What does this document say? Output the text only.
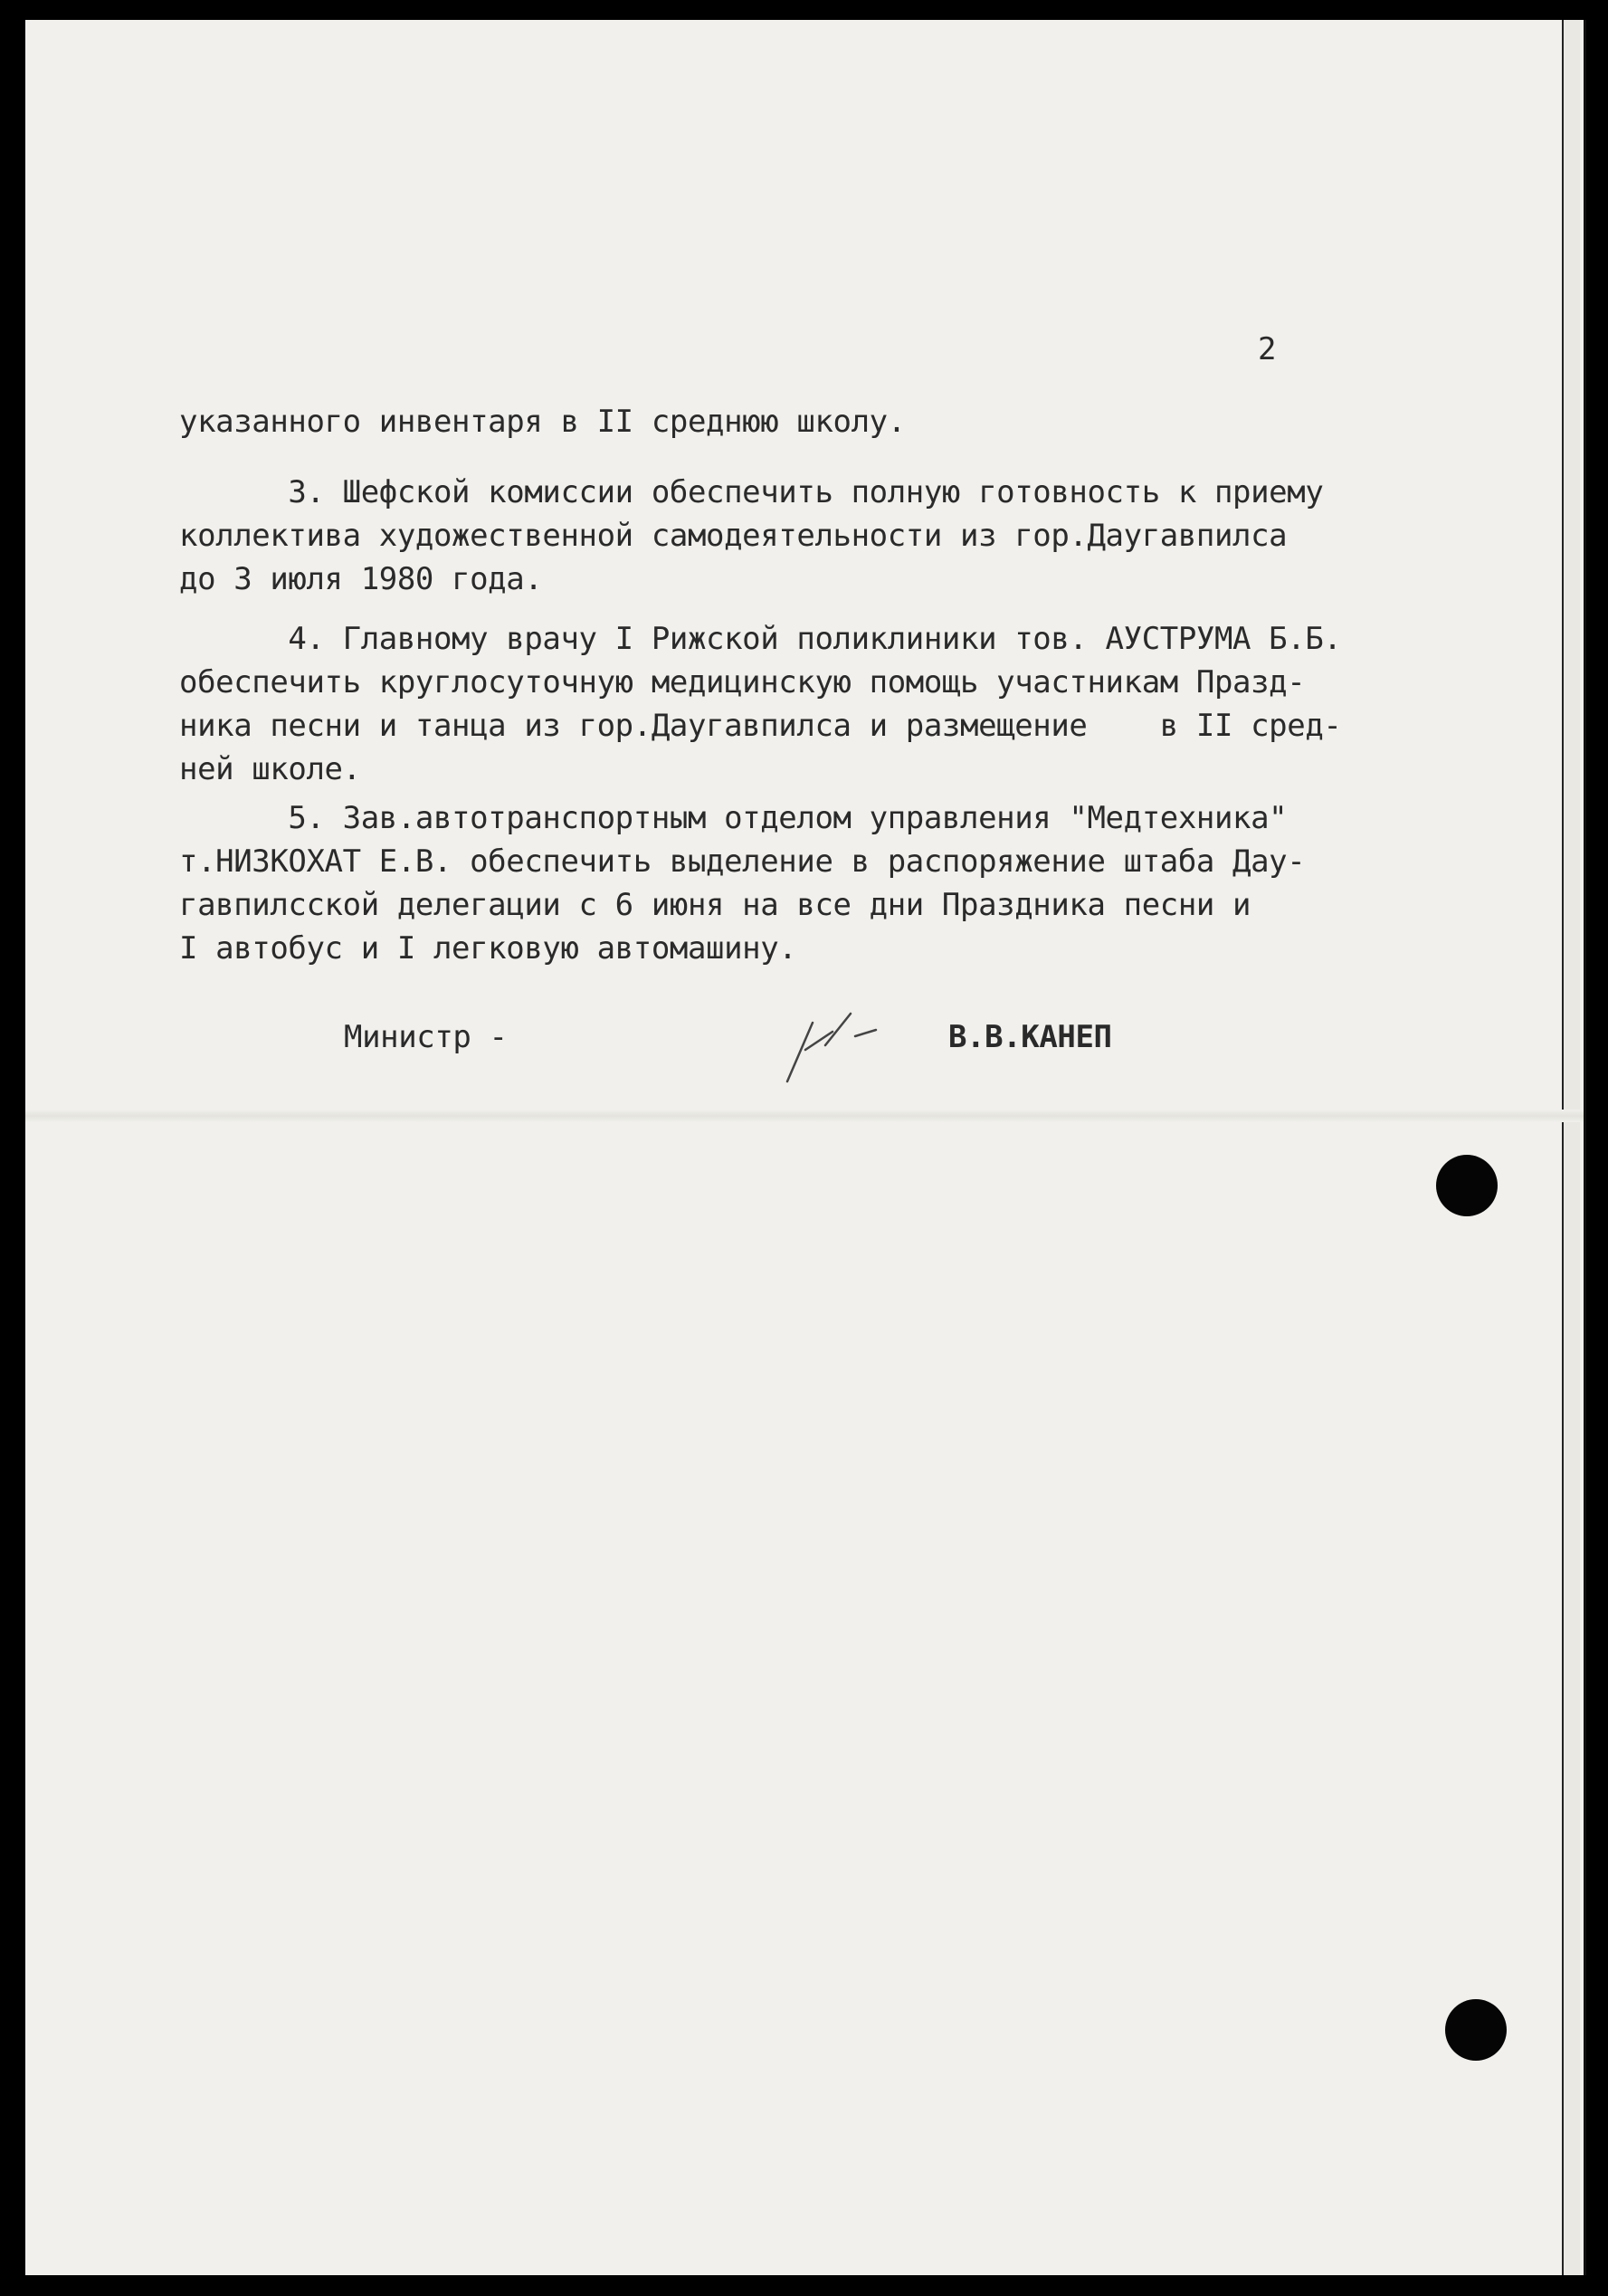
2
указанного инвентаря в II среднюю школу.
3. Шефской комиссии обеспечить полную готовность к приему
коллектива художественной самодеятельности из гор.Даугавпилса
до 3 июля 1980 года.
4. Главному врачу I Рижской поликлиники тов. АУСТРУМА Б.Б.
обеспечить круглосуточную медицинскую помощь участникам Празд-
ника песни и танца из гор.Даугавпилса и размещение    в II сред-
ней школе.
5. Зав.автотранспортным отделом управления "Медтехника"
т.НИЗКОХАТ Е.В. обеспечить выделение в распоряжение штаба Дау-
гавпилсской делегации с 6 июня на все дни Праздника песни и
I автобус и I легковую автомашину.
Министр -	В.В.КАНЕП
